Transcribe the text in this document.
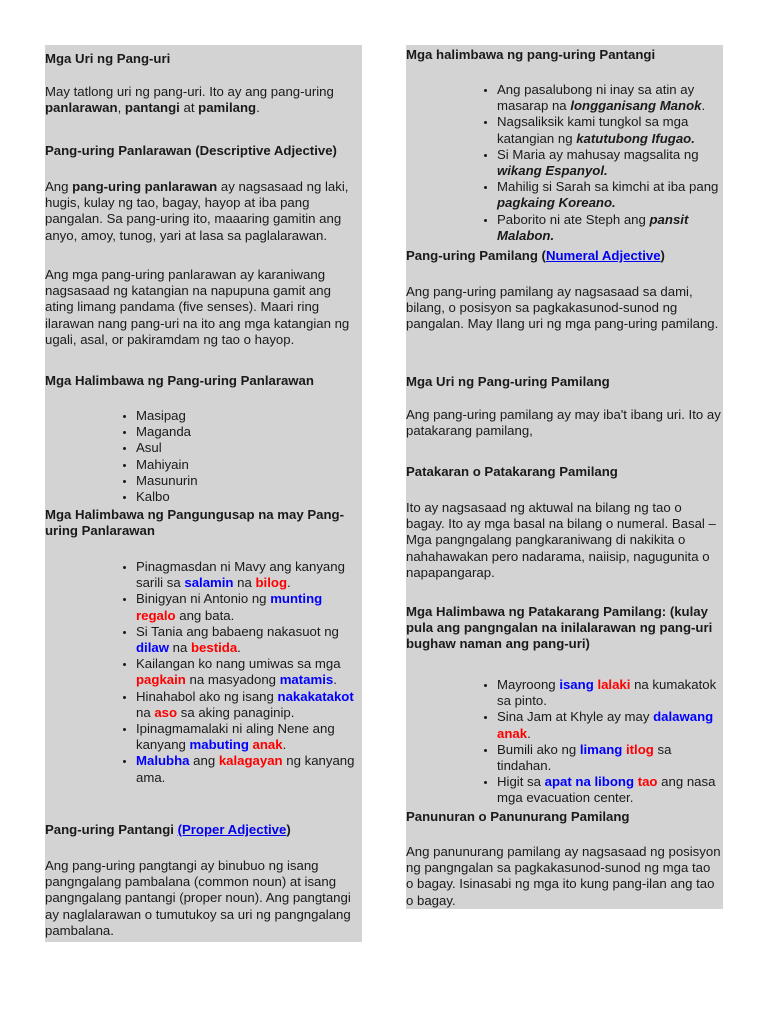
Mga Uri ng Pang-uri

May tatlong uri ng pang-uri. Ito ay ang pang-uring panlarawan, pantangi at pamilang.

Pang-uring Panlarawan (Descriptive Adjective)

Ang pang-uring panlarawan ay nagsasaad ng laki, hugis, kulay ng tao, bagay, hayop at iba pang pangalan. Sa pang-uring ito, maaaring gamitin ang anyo, amoy, tunog, yari at lasa sa paglalarawan.

Ang mga pang-uring panlarawan ay karaniwang nagsasaad ng katangian na napupuna gamit ang ating limang pandama (five senses). Maari ring ilarawan nang pang-uri na ito ang mga katangian ng ugali, asal, or pakiramdam ng tao o hayop.

Mga Halimbawa ng Pang-uring Panlarawan
• Masipag
• Maganda
• Asul
• Mahiyain
• Masunurin
• Kalbo
Mga Halimbawa ng Pangungusap na may Pang-uring Panlarawan
• Pinagmasdan ni Mavy ang kanyang sarili sa salamin na bilog.
• Binigyan ni Antonio ng munting regalo ang bata.
• Si Tania ang babaeng nakasuot ng dilaw na bestida.
• Kailangan ko nang umiwas sa mga pagkain na masyadong matamis.
• Hinahabol ako ng isang nakakatakot na aso sa aking panaginip.
• Ipinagmamalaki ni aling Nene ang kanyang mabuting anak.
• Malubha ang kalagayan ng kanyang ama.
Pang-uring Pantangi (Proper Adjective)

Ang pang-uring pangtangi ay binubuo ng isang pangngalang pambalana (common noun) at isang pangngalang pantangi (proper noun). Ang pangtangi ay naglalarawan o tumutukoy sa uri ng pangngalang pambalana.

Mga halimbawa ng pang-uring Pantangi
• Ang pasalubong ni inay sa atin ay masarap na longganisang Manok.
• Nagsaliksik kami tungkol sa mga katangian ng katutubong Ifugao.
• Si Maria ay mahusay magsalita ng wikang Espanyol.
• Mahilig si Sarah sa kimchi at iba pang pagkaing Koreano.
• Paborito ni ate Steph ang pansit Malabon.
Pang-uring Pamilang (Numeral Adjective)

Ang pang-uring pamilang ay nagsasaad sa dami, bilang, o posisyon sa pagkakasunod-sunod ng pangalan. May Ilang uri ng mga pang-uring pamilang.

Mga Uri ng Pang-uring Pamilang

Ang pang-uring pamilang ay may iba't ibang uri. Ito ay patakarang pamilang,

Patakaran o Patakarang Pamilang

Ito ay nagsasaad ng aktuwal na bilang ng tao o bagay. Ito ay mga basal na bilang o numeral. Basal – Mga pangngalang pangkaraniwang di nakikita o nahahawakan pero nadarama, naiisip, nagugunita o napapangarap.

Mga Halimbawa ng Patakarang Pamilang: (kulay pula ang pangngalan na inilalarawan ng pang-uri bughaw naman ang pang-uri)
• Mayroong isang lalaki na kumakatok sa pinto.
• Sina Jam at Khyle ay may dalawang anak.
• Bumili ako ng limang itlog sa tindahan.
• Higit sa apat na libong tao ang nasa mga evacuation center.
Panunuran o Panunurang Pamilang

Ang panunurang pamilang ay nagsasaad ng posisyon ng pangngalan sa pagkakasunod-sunod ng mga tao o bagay. Isinasabi ng mga ito kung pang-ilan ang tao o bagay.
